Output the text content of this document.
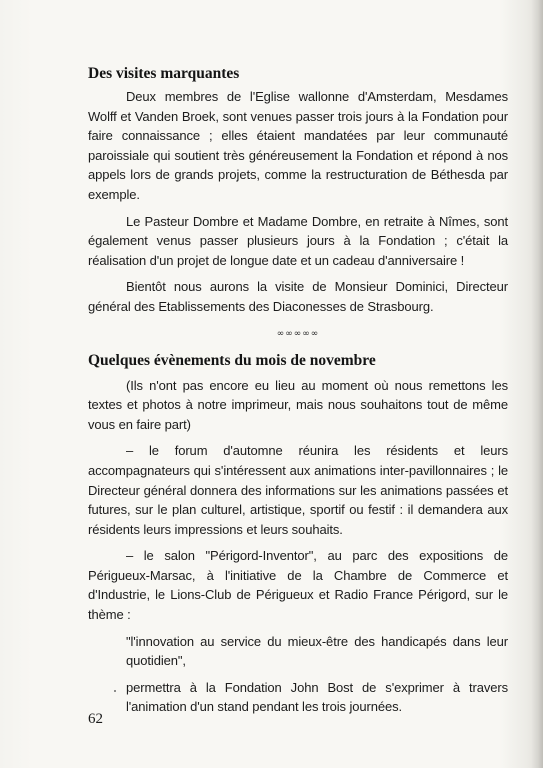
Des visites marquantes

Deux membres de l'Eglise wallonne d'Amsterdam, Mesdames Wolff et Vanden Broek, sont venues passer trois jours à la Fondation pour faire connaissance ; elles étaient mandatées par leur communauté paroissiale qui soutient très généreusement la Fondation et répond à nos appels lors de grands projets, comme la restructuration de Béthesda par exemple.

Le Pasteur Dombre et Madame Dombre, en retraite à Nîmes, sont également venus passer plusieurs jours à la Fondation ; c'était la réalisation d'un projet de longue date et un cadeau d'anniversaire !

Bientôt nous aurons la visite de Monsieur Dominici, Directeur général des Etablissements des Diaconesses de Strasbourg.

∞∞∞∞∞
Quelques évènements du mois de novembre

(Ils n'ont pas encore eu lieu au moment où nous remettons les textes et photos à notre imprimeur, mais nous souhaitons tout de même vous en faire part)

– le forum d'automne réunira les résidents et leurs accompagnateurs qui s'intéressent aux animations inter-pavillonnaires ; le Directeur général donnera des informations sur les animations passées et futures, sur le plan culturel, artistique, sportif ou festif : il demandera aux résidents leurs impressions et leurs souhaits.

– le salon "Périgord-Inventor", au parc des expositions de Périgueux-Marsac, à l'initiative de la Chambre de Commerce et d'Industrie, le Lions-Club de Périgueux et Radio France Périgord, sur le thème :

"l'innovation au service du mieux-être des handicapés dans leur quotidien",

permettra à la Fondation John Bost de s'exprimer à travers l'animation d'un stand pendant les trois journées.

62
